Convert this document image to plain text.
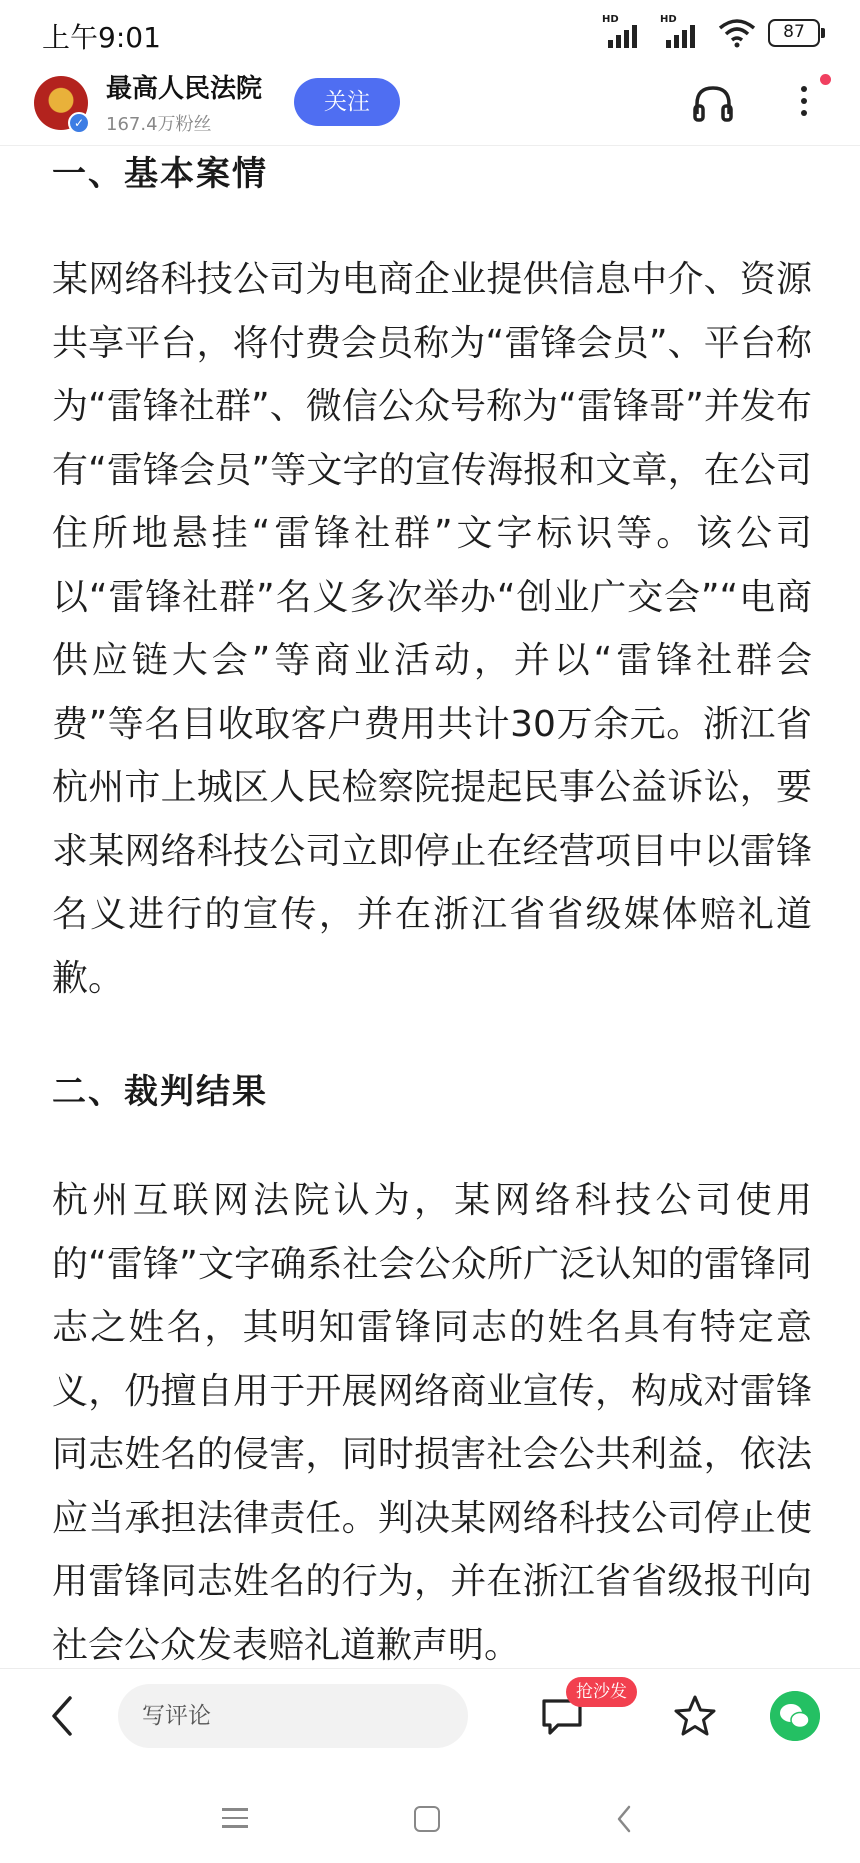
上午9:01
HD	HD
87
✓
最高人民法院
167.4万粉丝
关注
一、基本案情
某网络科技公司为电商企业提供信息中介、资源共享平台，将付费会员称为“雷锋会员”、平台称为“雷锋社群”、微信公众号称为“雷锋哥”并发布有“雷锋会员”等文字的宣传海报和文章，在公司住所地悬挂“雷锋社群”文字标识等。该公司以“雷锋社群”名义多次举办“创业广交会”“电商供应链大会”等商业活动，并以“雷锋社群会费”等名目收取客户费用共计30万余元。浙江省杭州市上城区人民检察院提起民事公益诉讼，要求某网络科技公司立即停止在经营项目中以雷锋名义进行的宣传，并在浙江省省级媒体赔礼道歉。
二、裁判结果
杭州互联网法院认为，某网络科技公司使用的“雷锋”文字确系社会公众所广泛认知的雷锋同志之姓名，其明知雷锋同志的姓名具有特定意义，仍擅自用于开展网络商业宣传，构成对雷锋同志姓名的侵害，同时损害社会公共利益，依法应当承担法律责任。判决某网络科技公司停止使用雷锋同志姓名的行为，并在浙江省省级报刊向社会公众发表赔礼道歉声明。
写评论
抢沙发
